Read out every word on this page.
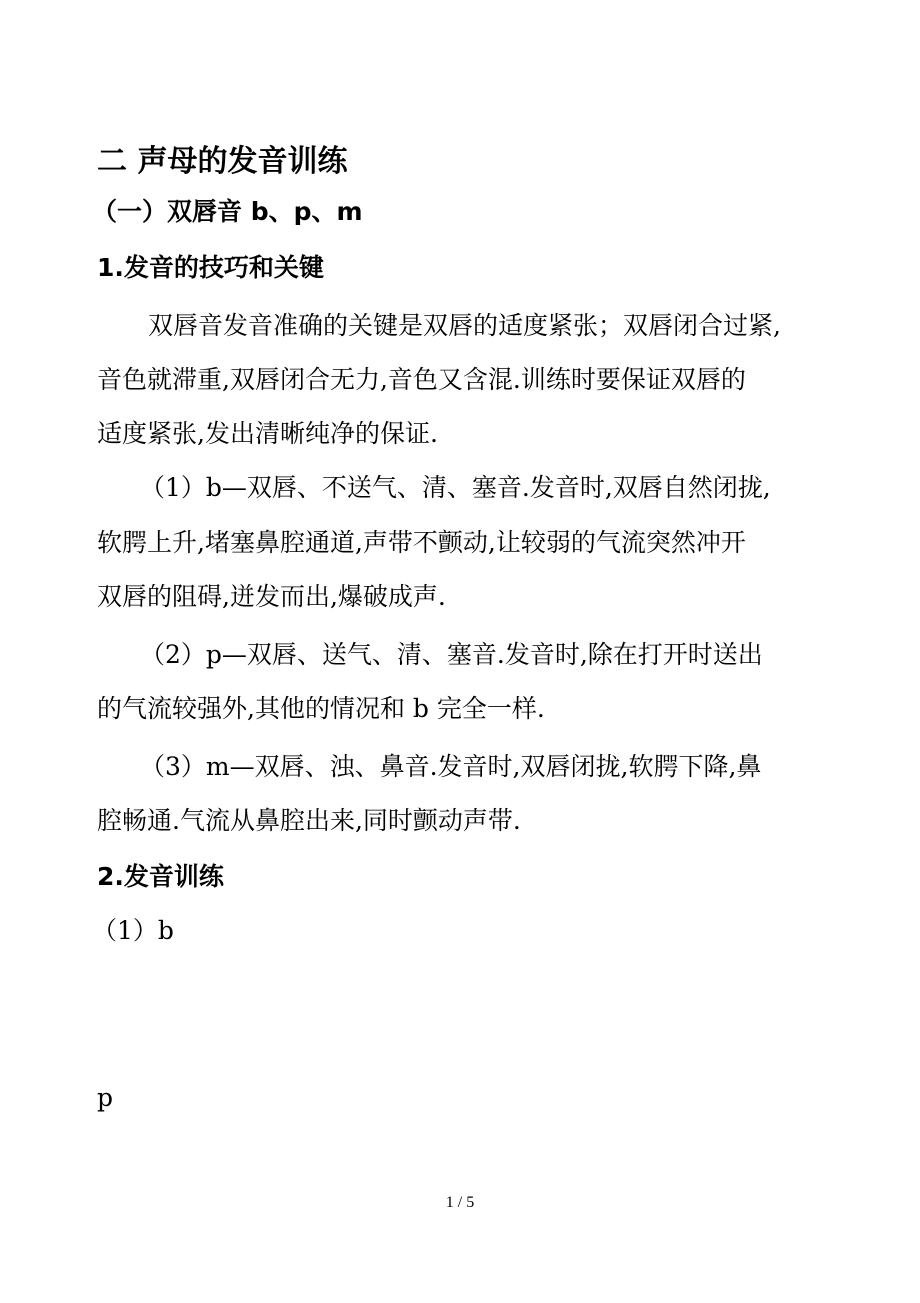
二 声母的发音训练
（一）双唇音 b、p、m
1.发音的技巧和关键
双唇音发音准确的关键是双唇的适度紧张；双唇闭合过紧,
音色就滞重,双唇闭合无力,音色又含混.训练时要保证双唇的
适度紧张,发出清晰纯净的保证.
（1）b—双唇、不送气、清、塞音.发音时,双唇自然闭拢,
软腭上升,堵塞鼻腔通道,声带不颤动,让较弱的气流突然冲开
双唇的阻碍,迸发而出,爆破成声.
（2）p—双唇、送气、清、塞音.发音时,除在打开时送出
的气流较强外,其他的情况和 b 完全一样.
（3）m—双唇、浊、鼻音.发音时,双唇闭拢,软腭下降,鼻
腔畅通.气流从鼻腔出来,同时颤动声带.
2.发音训练
（1）b
p
1 / 5
